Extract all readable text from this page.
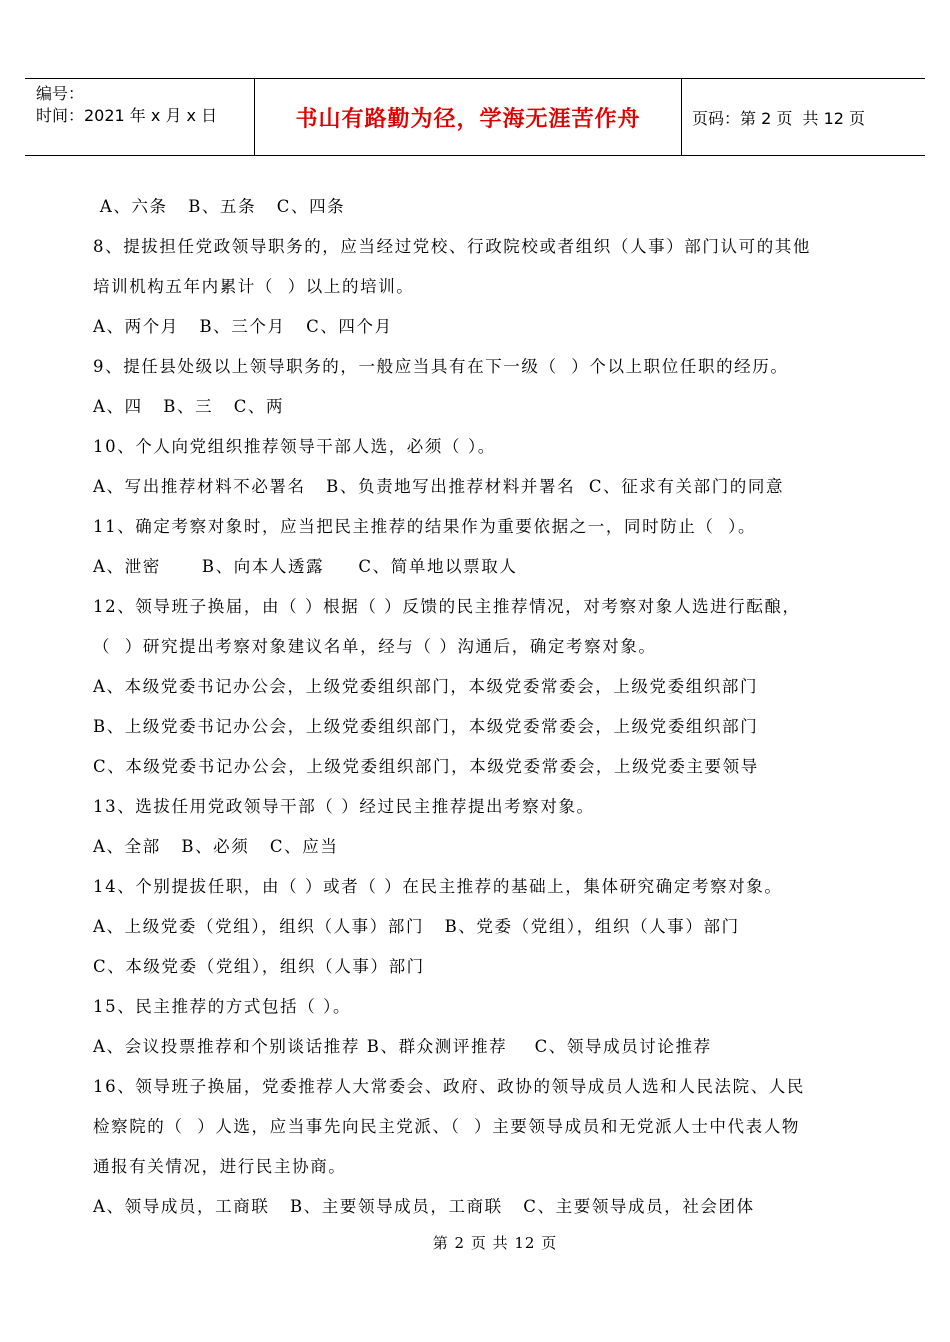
编号：
时间：2021 年 x 月 x 日	书山有路勤为径，学海无涯苦作舟	页码：第 2 页  共 12 页
A、六条   B、五条   C、四条
8、提拔担任党政领导职务的，应当经过党校、行政院校或者组织（人事）部门认可的其他
培训机构五年内累计（  ）以上的培训。
A、两个月   B、三个月   C、四个月
9、提任县处级以上领导职务的，一般应当具有在下一级（  ）个以上职位任职的经历。
A、四   B、三   C、两
10、个人向党组织推荐领导干部人选，必须（ ）。
A、写出推荐材料不必署名   B、负责地写出推荐材料并署名  C、征求有关部门的同意
11、确定考察对象时，应当把民主推荐的结果作为重要依据之一，同时防止（  ）。
A、泄密      B、向本人透露     C、简单地以票取人
12、领导班子换届，由（ ）根据（ ）反馈的民主推荐情况，对考察对象人选进行酝酿，
（  ）研究提出考察对象建议名单，经与（ ）沟通后，确定考察对象。
A、本级党委书记办公会，上级党委组织部门，本级党委常委会，上级党委组织部门
B、上级党委书记办公会，上级党委组织部门，本级党委常委会，上级党委组织部门
C、本级党委书记办公会，上级党委组织部门，本级党委常委会，上级党委主要领导
13、选拔任用党政领导干部（ ）经过民主推荐提出考察对象。
A、全部   B、必须   C、应当
14、个别提拔任职，由（ ）或者（ ）在民主推荐的基础上，集体研究确定考察对象。
A、上级党委（党组），组织（人事）部门   B、党委（党组），组织（人事）部门
C、本级党委（党组），组织（人事）部门
15、民主推荐的方式包括（ ）。
A、会议投票推荐和个别谈话推荐 B、群众测评推荐    C、领导成员讨论推荐
16、领导班子换届，党委推荐人大常委会、政府、政协的领导成员人选和人民法院、人民
检察院的（  ）人选，应当事先向民主党派、（  ）主要领导成员和无党派人士中代表人物
通报有关情况，进行民主协商。
A、领导成员，工商联   B、主要领导成员，工商联   C、主要领导成员，社会团体
第 2 页 共 12 页
